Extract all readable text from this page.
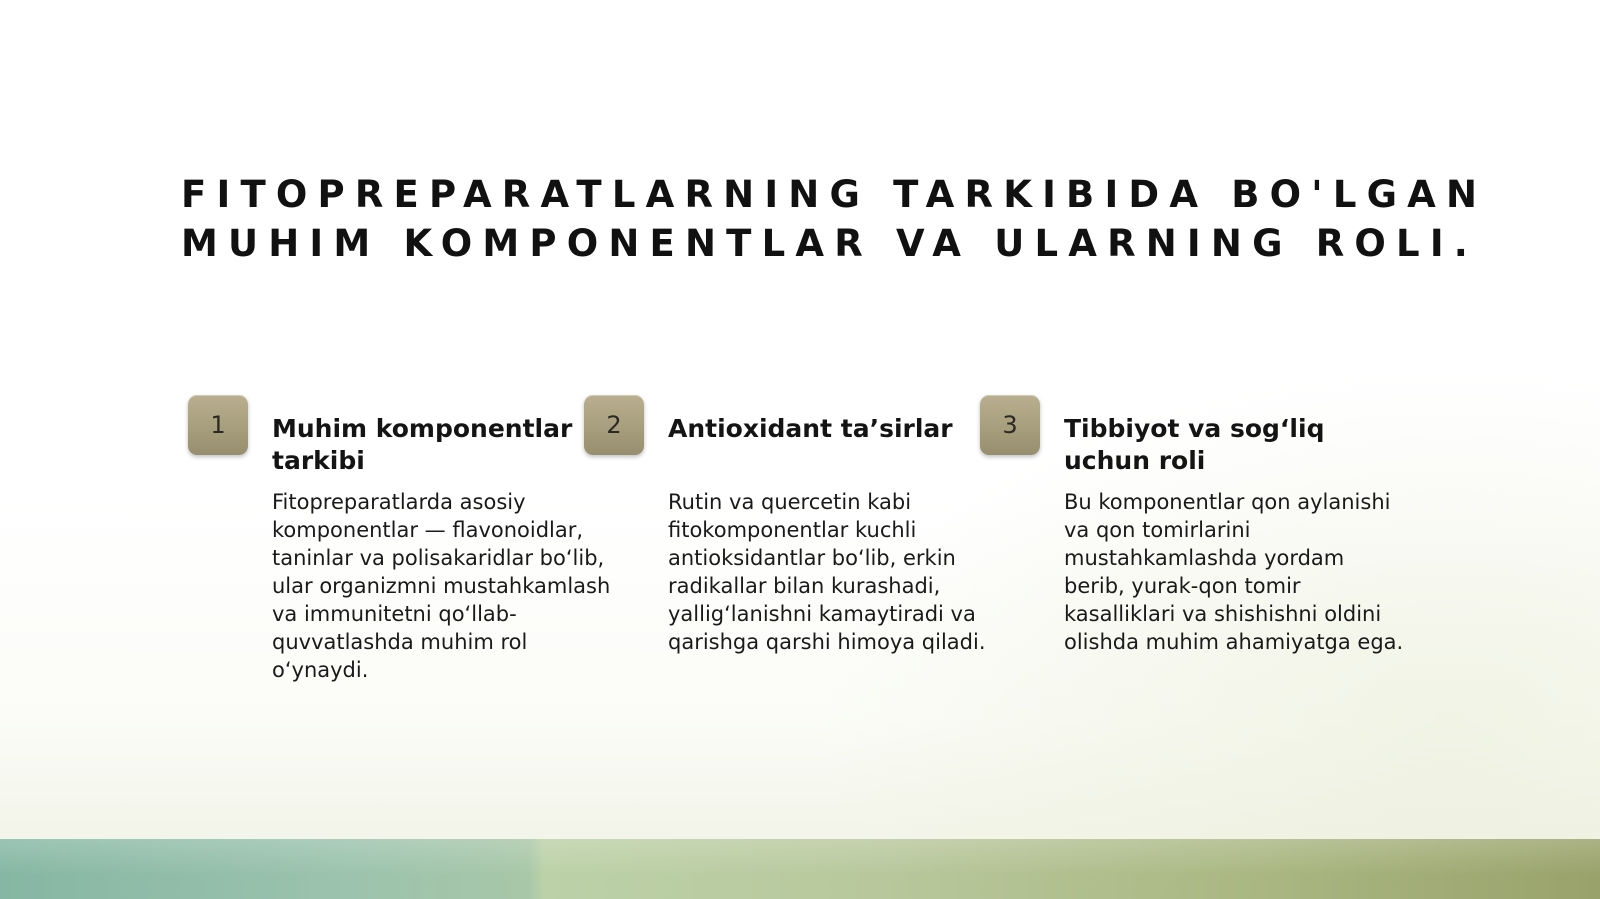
FITOPREPARATLARNING TARKIBIDA BO'LGAN
MUHIM KOMPONENTLAR VA ULARNING ROLI.
1	Muhim komponentlar tarkibi

Fitopreparatlarda asosiy komponentlar — flavonoidlar, taninlar va polisakaridlar bo‘lib, ular organizmni mustahkamlash va immunitetni qo‘llab-quvvatlashda muhim rol o‘ynaydi.

2	Antioxidant ta’sirlar

Rutin va quercetin kabi fitokomponentlar kuchli antioksidantlar bo‘lib, erkin radikallar bilan kurashadi, yallig‘lanishni kamaytiradi va qarishga qarshi himoya qiladi.

3	Tibbiyot va sog‘liq uchun roli

Bu komponentlar qon aylanishi va qon tomirlarini mustahkamlashda yordam berib, yurak-qon tomir kasalliklari va shishishni oldini olishda muhim ahamiyatga ega.
